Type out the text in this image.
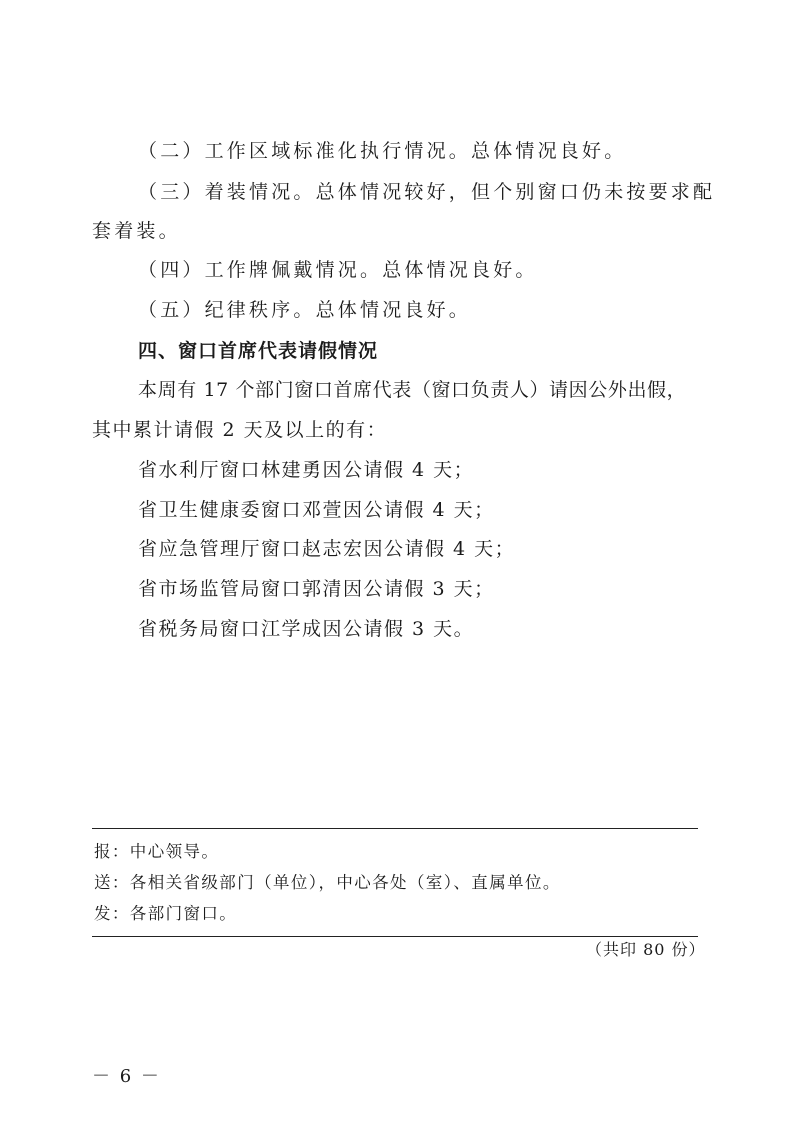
（二）工作区域标准化执行情况。总体情况良好。
（三）着装情况。总体情况较好，但个别窗口仍未按要求配
套着装。
（四）工作牌佩戴情况。总体情况良好。
（五）纪律秩序。总体情况良好。
四、窗口首席代表请假情况
本周有 17 个部门窗口首席代表（窗口负责人）请因公外出假，
其中累计请假 2 天及以上的有：
省水利厅窗口林建勇因公请假 4 天；
省卫生健康委窗口邓萱因公请假 4 天；
省应急管理厅窗口赵志宏因公请假 4 天；
省市场监管局窗口郭清因公请假 3 天；
省税务局窗口江学成因公请假 3 天。
报：中心领导。
送：各相关省级部门（单位），中心各处（室）、直属单位。
发：各部门窗口。
（共印 80 份）
－ 6 －
